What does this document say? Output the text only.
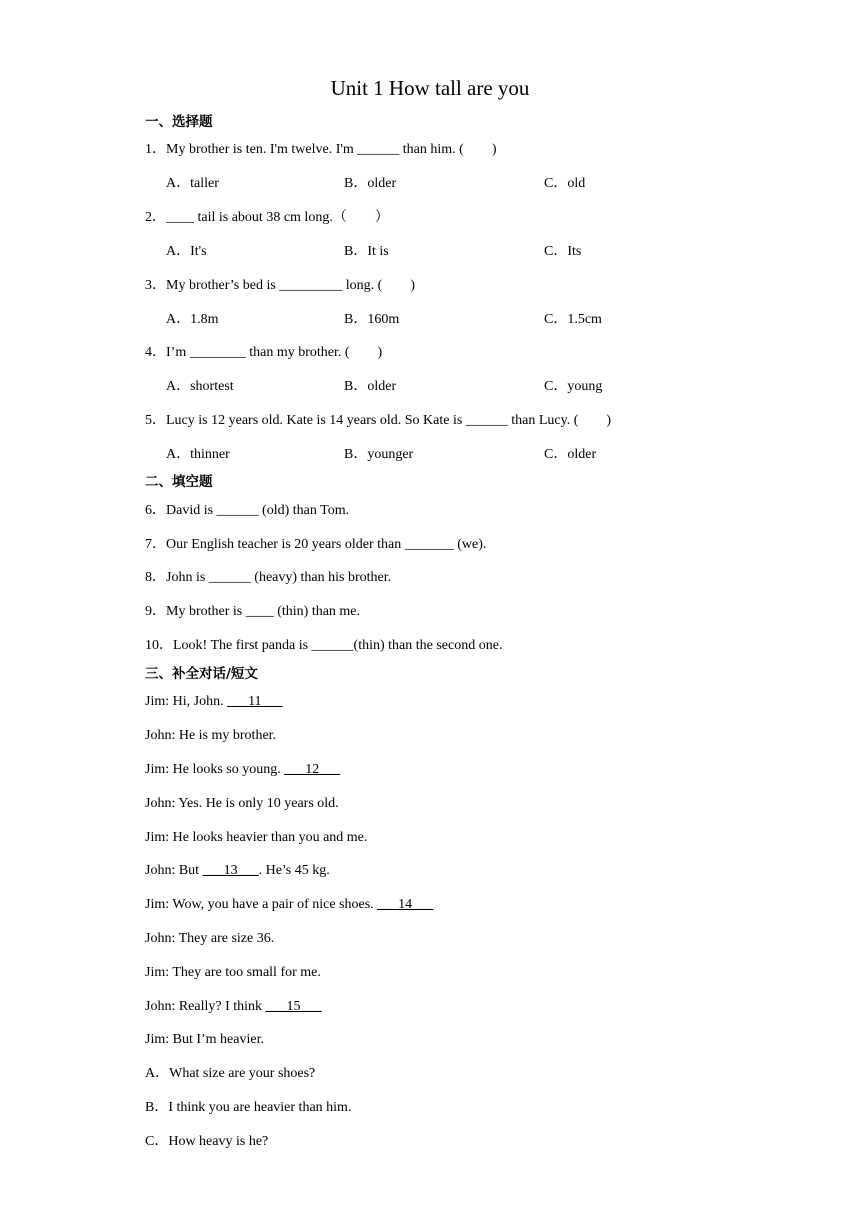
Unit 1 How tall are you
一、选择题
1．My brother is ten. I'm twelve. I'm ______ than him. (　　)
A．taller	B．older	C．old
2．____ tail is about 38 cm long.（　　）
A．It's	B．It is	C．Its
3．My brother’s bed is _________ long. (　　)
A．1.8m	B．160m	C．1.5cm
4．I’m ________ than my brother. (　　)
A．shortest	B．older	C．young
5．Lucy is 12 years old. Kate is 14 years old. So Kate is ______ than Lucy. (　　)
A．thinner	B．younger	C．older
二、填空题
6．David is ______ (old) than Tom.
7．Our English teacher is 20 years older than _______ (we).
8．John is ______ (heavy) than his brother.
9．My brother is ____ (thin) than me.
10．Look! The first panda is ______(thin) than the second one.
三、补全对话/短文
Jim: Hi, John. ___11___
John: He is my brother.
Jim: He looks so young. ___12___
John: Yes. He is only 10 years old.
Jim: He looks heavier than you and me.
John: But ___13___. He’s 45 kg.
Jim: Wow, you have a pair of nice shoes. ___14___
John: They are size 36.
Jim: They are too small for me.
John: Really? I think ___15___
Jim: But I’m heavier.
A．What size are your shoes?
B．I think you are heavier than him.
C．How heavy is he?
